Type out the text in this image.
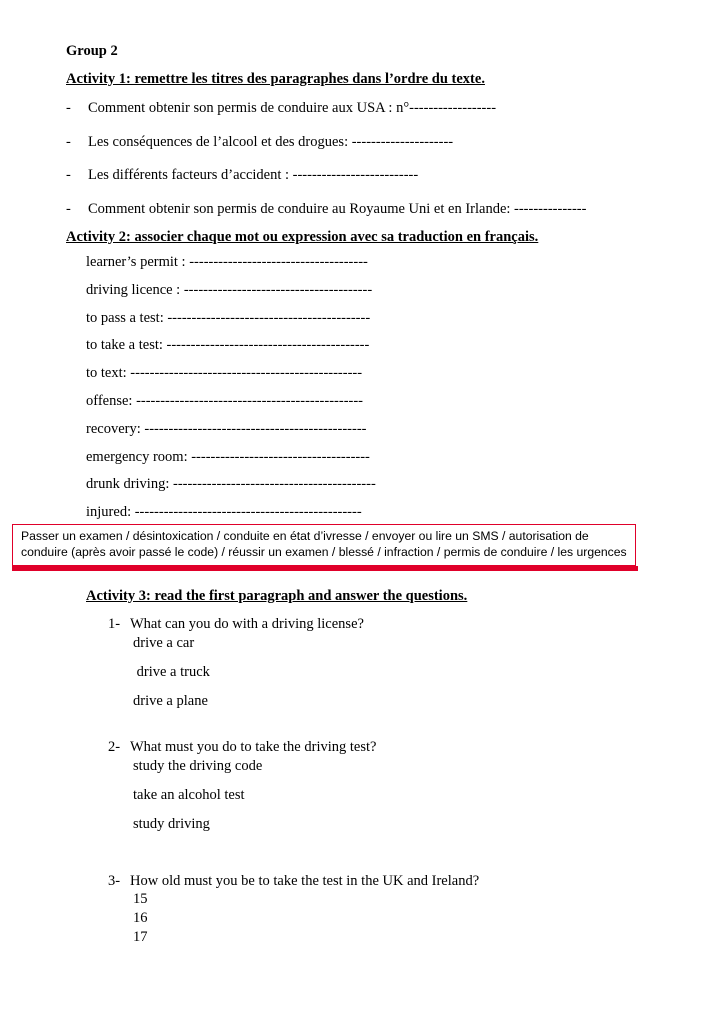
Group 2
Activity 1: remettre les titres des paragraphes dans l’ordre du texte.
- Comment obtenir son permis de conduire aux USA : n°------------------
- Les conséquences de l’alcool et des drogues: ---------------------
- Les différents facteurs d’accident : --------------------------
- Comment obtenir son permis de conduire au Royaume Uni et en Irlande: ---------------
Activity 2: associer chaque mot ou expression avec sa traduction en français.
learner’s permit : -------------------------------------
driving licence : ---------------------------------------
to pass a test: ------------------------------------------
to take a test: ------------------------------------------
to text: ------------------------------------------------
offense: -----------------------------------------------
recovery: ----------------------------------------------
emergency room: -------------------------------------
drunk driving: ------------------------------------------
injured: -----------------------------------------------
Passer un examen / désintoxication / conduite en état d’ivresse / envoyer ou lire un SMS / autorisation de conduire (après avoir passé le code) / réussir un examen / blessé / infraction / permis de conduire / les urgences
Activity 3: read the first paragraph and answer the questions.
1- What can you do with a driving license?
drive a car
drive a truck
drive a plane
2- What must you do to take the driving test?
study the driving code
take an alcohol test
study driving
3- How old must you be to take the test in the UK and Ireland?
15
16
17
